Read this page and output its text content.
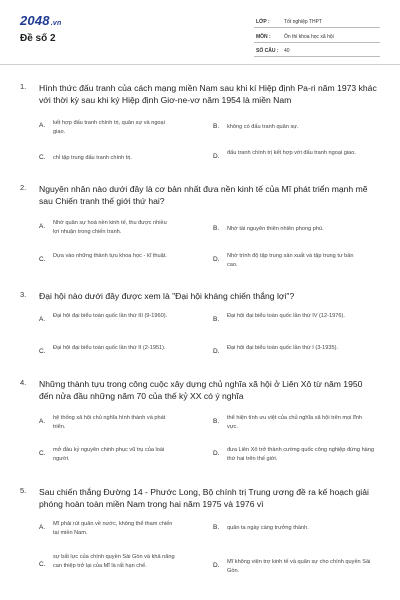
2048.vn
Đề số 2
LỚP :	Tốt nghiệp THPT
MÔN :	Ôn thi khoa học xã hội
SỐ CÂU :	40
1. Hình thức đấu tranh của cách mạng miền Nam sau khi kí Hiệp định Pa-ri năm 1973 khác với thời kỳ sau khi ký Hiệp định Giơ-ne-vơ năm 1954 là miền Nam
A. kết hợp đấu tranh chính trị, quân sự và ngoại giao.
B. không có đấu tranh quân sự.
C. chỉ tập trung đấu tranh chính trị.	D. đấu tranh chính trị kết hợp với đấu tranh ngoại giao.
2. Nguyên nhân nào dưới đây là cơ bản nhất đưa nền kinh tế của Mĩ phát triển mạnh mẽ sau Chiến tranh thế giới thứ hai?
A. Nhờ quân sự hoá nền kinh tế, thu được nhiều lợi nhuận trong chiến tranh.	B. Nhờ tài nguyên thiên nhiên phong phú.
C. Dựa vào những thành tựu khoa học - kĩ thuật.	D. Nhờ trình độ tập trung sản xuất và tập trung tư bản cao.
3. Đại hội nào dưới đây được xem là "Đại hội kháng chiến thắng lợi"?
A. Đại hội đại biểu toàn quốc lần thứ III (9-1960).	B. Đại hội đại biểu toàn quốc lần thứ IV (12-1976).
C. Đại hội đại biểu toàn quốc lần thứ II (2-1951).	D. Đại hội đại biểu toàn quốc lần thứ I (3-1935).
4. Những thành tựu trong công cuộc xây dựng chủ nghĩa xã hội ở Liên Xô từ năm 1950 đến nửa đầu những năm 70 của thế kỷ XX có ý nghĩa
A. hệ thống xã hội chủ nghĩa hình thành và phát triển.
B. thể hiện tính ưu việt của chủ nghĩa xã hội trên mọi lĩnh vực.
C. mở đầu kỷ nguyên chinh phục vũ trụ của loài người.
D. đưa Liên Xô trở thành cường quốc công nghiệp đứng hàng thứ hai trên thế giới.
5. Sau chiến thắng Đường 14 - Phước Long, Bộ chính trị Trung ương đề ra kế hoạch giải phóng hoàn toàn miền Nam trong hai năm 1975 và 1976 vì
A. Mĩ phải rút quân về nước, không thể tham chiến tại miền Nam.
B. quân ta ngày càng trưởng thành.
C.
sự bất lực của chính quyền Sài Gòn và khả năng can thiệp trở lại của Mĩ là rất hạn chế.	D. Mĩ không viện trợ kinh tế và quân sự cho chính quyền Sài Gòn.
